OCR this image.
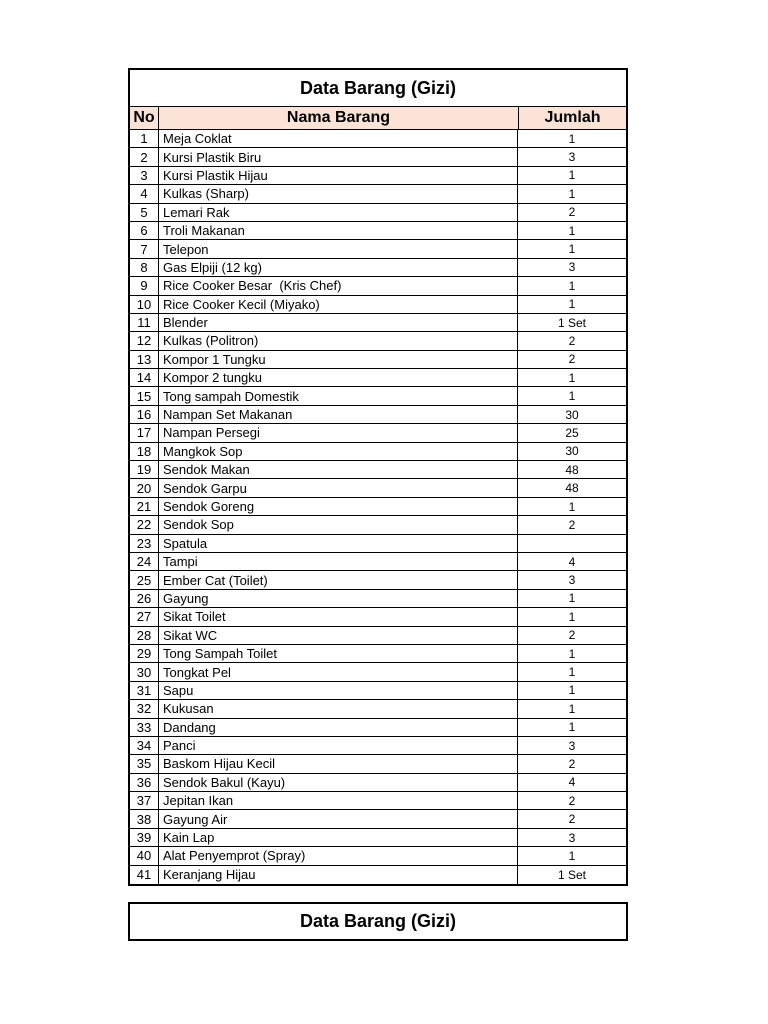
Data Barang (Gizi)
No	Nama Barang	Jumlah
1	Meja Coklat	1
2	Kursi Plastik Biru	3
3	Kursi Plastik Hijau	1
4	Kulkas (Sharp)	1
5	Lemari Rak	2
6	Troli Makanan	1
7	Telepon	1
8	Gas Elpiji (12 kg)	3
9	Rice Cooker Besar  (Kris Chef)	1
10 Rice Cooker Kecil (Miyako)	1
11 Blender	1 Set
12 Kulkas (Politron)	2
13 Kompor 1 Tungku	2
14 Kompor 2 tungku	1
15 Tong sampah Domestik	1
16 Nampan Set Makanan	30
17 Nampan Persegi	25
18 Mangkok Sop	30
19 Sendok Makan	48
20 Sendok Garpu	48
21 Sendok Goreng	1
22 Sendok Sop	2
23 Spatula
24 Tampi	4
25 Ember Cat (Toilet)	3
26 Gayung	1
27 Sikat Toilet	1
28 Sikat WC	2
29 Tong Sampah Toilet	1
30 Tongkat Pel	1
31 Sapu	1
32 Kukusan	1
33 Dandang	1
34 Panci	3
35 Baskom Hijau Kecil	2
36 Sendok Bakul (Kayu)	4
37 Jepitan Ikan	2
38 Gayung Air	2
39 Kain Lap	3
40 Alat Penyemprot (Spray)	1
41 Keranjang Hijau	1 Set
Data Barang (Gizi)
